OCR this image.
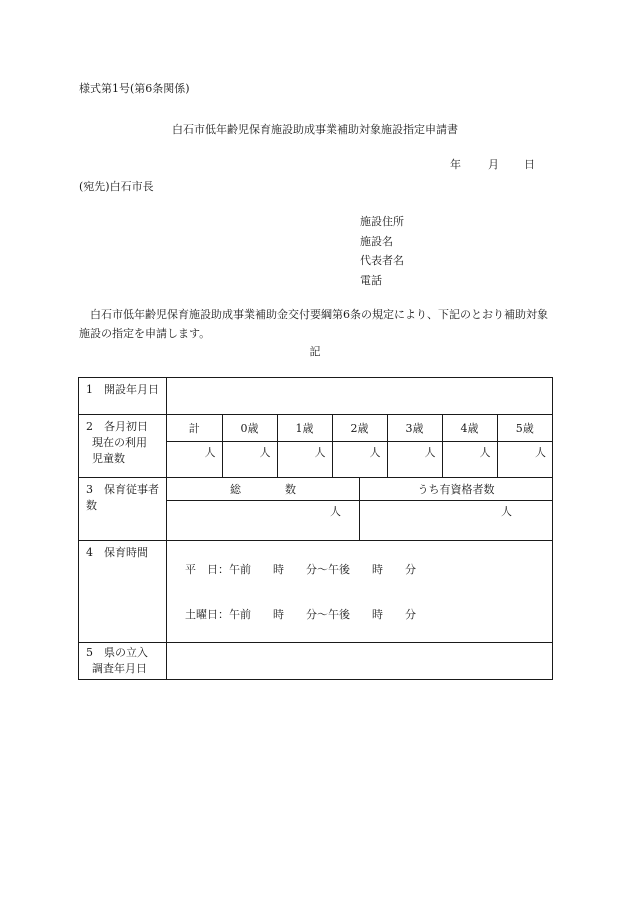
様式第1号(第6条関係)
白石市低年齢児保育施設助成事業補助対象施設指定申請書
年 月 日
(宛先)白石市長
施設住所
施設名
代表者名
電話
白石市低年齢児保育施設助成事業補助金交付要綱第6条の規定により、下記のとおり補助対象施設の指定を申請します。
記
1　開設年月日	

2　各月初日
現在の利用
児童数

計	0歳	1歳	2歳	3歳	4歳	5歳
人	人	人	人	人	人	人

3　保育従事者
数

総　　　　数	うち有資格者数
人	人

4　保育時間	
平　日：午前　　時　　分～午後　　時　　分
土曜日：午前　　時　　分～午後　　時　　分

5　県の立入
調査年月日
